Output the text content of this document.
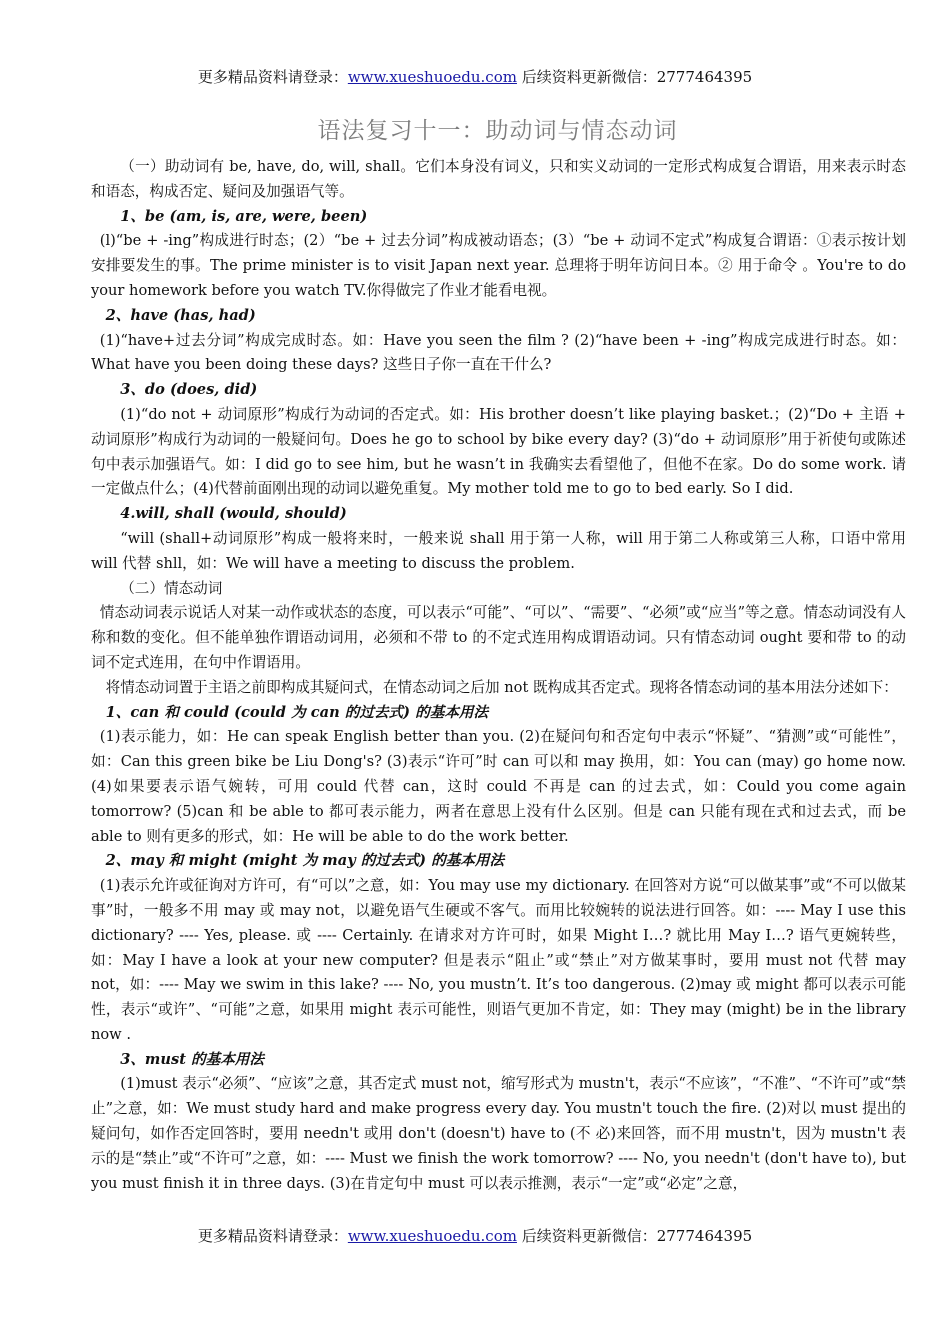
更多精品资料请登录：www.xueshuoedu.com 后续资料更新微信：2777464395
语法复习十一：助动词与情态动词

（一）助动词有 be, have, do, will, shall。它们本身没有词义，只和实义动词的一定形式构成复合谓语，用来表示时态和语态，构成否定、疑问及加强语气等。

1、be (am, is, are, were, been)

(l)“be + -ing”构成进行时态；(2）“be + 过去分词”构成被动语态；(3）“be + 动词不定式”构成复合谓语：①表示按计划安排要发生的事。The prime minister is to visit Japan next year. 总理将于明年访问日本。② 用于命令 。You're to do your homework before you watch TV.你得做完了作业才能看电视。

2、have (has, had)

(1)“have+过去分词”构成完成时态。如：Have you seen the film ? (2)“have been + -ing”构成完成进行时态。如：What have you been doing these days? 这些日子你一直在干什么?

3、do (does, did)

(1)“do not + 动词原形”构成行为动词的否定式。如：His brother doesn’t like playing basket.；(2)“Do + 主语 + 动词原形”构成行为动词的一般疑问句。Does he go to school by bike every day? (3)“do + 动词原形”用于祈使句或陈述句中表示加强语气。如：I did go to see him, but he wasn’t in 我确实去看望他了，但他不在家。Do do some work. 请一定做点什么；(4)代替前面刚出现的动词以避免重复。My mother told me to go to bed early. So I did.

4.will, shall (would, should)

“will (shall+动词原形”构成一般将来时，一般来说 shall 用于第一人称，will 用于第二人称或第三人称，口语中常用 will 代替 shll，如：We will have a meeting to discuss the problem.

（二）情态动词

情态动词表示说话人对某一动作或状态的态度，可以表示“可能”、“可以”、“需要”、“必须”或“应当”等之意。情态动词没有人称和数的变化。但不能单独作谓语动词用，必须和不带 to 的不定式连用构成谓语动词。只有情态动词 ought 要和带 to 的动词不定式连用，在句中作谓语用。

将情态动词置于主语之前即构成其疑问式，在情态动词之后加 not 既构成其否定式。现将各情态动词的基本用法分述如下：

1、can 和 could (could 为 can 的过去式) 的基本用法

(1)表示能力，如：He can speak English better than you. (2)在疑问句和否定句中表示“怀疑”、“猜测”或“可能性”，如：Can this green bike be Liu Dong's? (3)表示“许可”时 can 可以和 may 换用，如：You can (may) go home now. (4)如果要表示语气婉转，可用 could 代替 can，这时 could 不再是 can 的过去式，如：Could you come again tomorrow? (5)can 和 be able to 都可表示能力，两者在意思上没有什么区别。但是 can 只能有现在式和过去式，而 be able to 则有更多的形式，如：He will be able to do the work better.

2、may 和 might (might 为 may 的过去式) 的基本用法

(1)表示允许或征询对方许可，有“可以”之意，如：You may use my dictionary. 在回答对方说“可以做某事”或“不可以做某事”时，一般多不用 may 或 may not，以避免语气生硬或不客气。而用比较婉转的说法进行回答。如：---- May I use this dictionary? ---- Yes, please. 或 ---- Certainly. 在请求对方许可时，如果 Might I…? 就比用 May I…? 语气更婉转些，如：May I have a look at your new computer? 但是表示“阻止”或“禁止”对方做某事时，要用 must not 代替 may not，如：---- May we swim in this lake? ---- No, you mustn’t. It’s too dangerous. (2)may 或 might 都可以表示可能性，表示“或许”、“可能”之意，如果用 might 表示可能性，则语气更加不肯定，如：They may (might) be in the library now .

3、must 的基本用法

(1)must 表示“必须”、“应该”之意，其否定式 must not，缩写形式为 mustn't，表示“不应该”，“不准”、“不许可”或“禁止”之意，如：We must study hard and make progress every day. You mustn't touch the fire. (2)对以 must 提出的疑问句，如作否定回答时，要用 needn't 或用 don't (doesn't) have to (不 必)来回答，而不用 mustn't，因为 mustn't 表示的是“禁止”或“不许可”之意，如：---- Must we finish the work tomorrow? ---- No, you needn't (don't have to), but you must finish it in three days. (3)在肯定句中 must 可以表示推测，表示“一定”或“必定”之意，

更多精品资料请登录：www.xueshuoedu.com 后续资料更新微信：2777464395
